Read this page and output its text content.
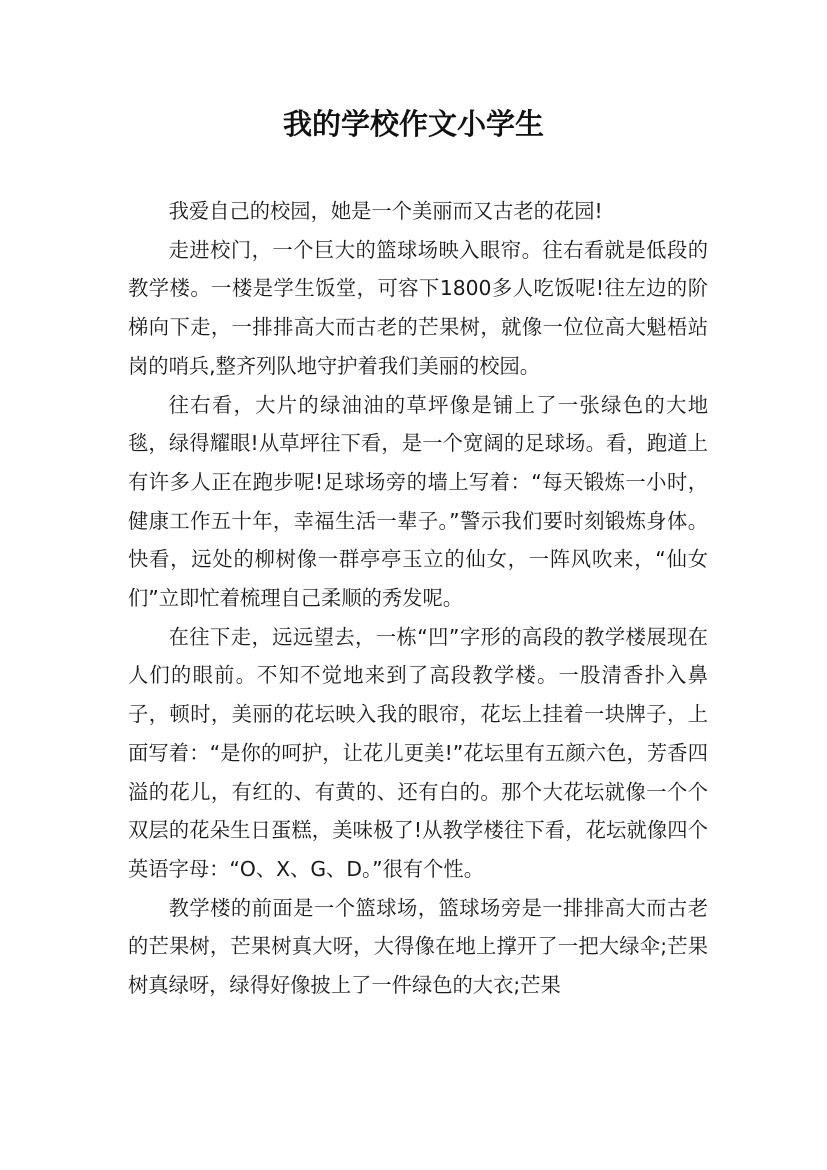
我的学校作文小学生

我爱自己的校园，她是一个美丽而又古老的花园!

走进校门，一个巨大的篮球场映入眼帘。往右看就是低段的教学楼。一楼是学生饭堂，可容下1800多人吃饭呢!往左边的阶梯向下走，一排排高大而古老的芒果树，就像一位位高大魁梧站岗的哨兵,整齐列队地守护着我们美丽的校园。

往右看，大片的绿油油的草坪像是铺上了一张绿色的大地毯，绿得耀眼!从草坪往下看，是一个宽阔的足球场。看，跑道上有许多人正在跑步呢!足球场旁的墙上写着：“每天锻炼一小时，健康工作五十年，幸福生活一辈子。”警示我们要时刻锻炼身体。快看，远处的柳树像一群亭亭玉立的仙女，一阵风吹来，“仙女们”立即忙着梳理自己柔顺的秀发呢。

在往下走，远远望去，一栋“凹”字形的高段的教学楼展现在人们的眼前。不知不觉地来到了高段教学楼。一股清香扑入鼻子，顿时，美丽的花坛映入我的眼帘，花坛上挂着一块牌子，上面写着：“是你的呵护，让花儿更美!”花坛里有五颜六色，芳香四溢的花儿，有红的、有黄的、还有白的。那个大花坛就像一个个双层的花朵生日蛋糕，美味极了!从教学楼往下看，花坛就像四个英语字母：“O、X、G、D。”很有个性。

教学楼的前面是一个篮球场，篮球场旁是一排排高大而古老的芒果树，芒果树真大呀，大得像在地上撑开了一把大绿伞;芒果树真绿呀，绿得好像披上了一件绿色的大衣;芒果
